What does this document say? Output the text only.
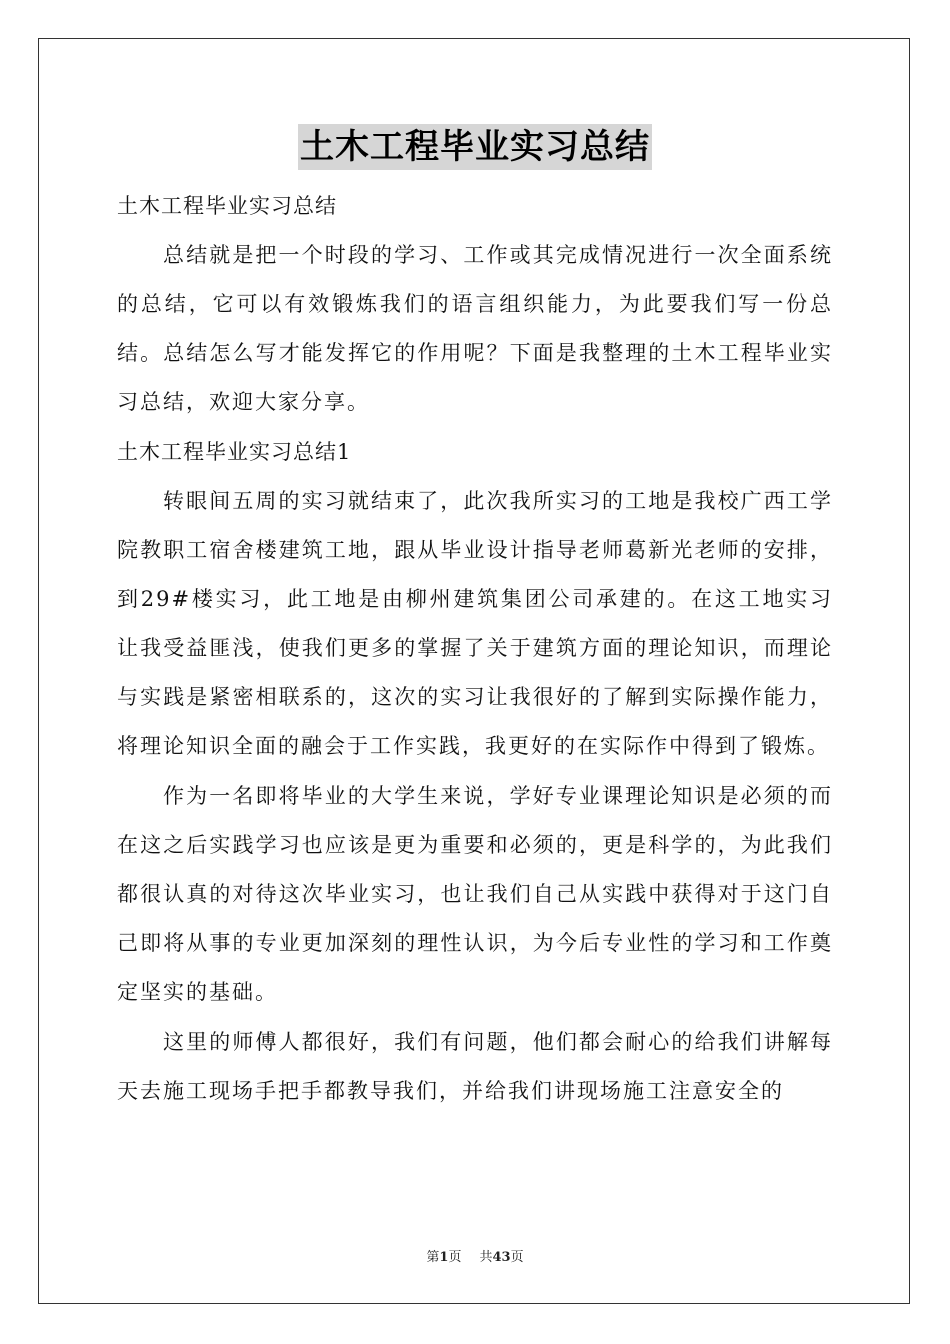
土木工程毕业实习总结

土木工程毕业实习总结

总结就是把一个时段的学习、工作或其完成情况进行一次全面系统的总结，它可以有效锻炼我们的语言组织能力，为此要我们写一份总结。总结怎么写才能发挥它的作用呢？下面是我整理的土木工程毕业实习总结，欢迎大家分享。

土木工程毕业实习总结1

转眼间五周的实习就结束了，此次我所实习的工地是我校广西工学院教职工宿舍楼建筑工地，跟从毕业设计指导老师葛新光老师的安排，到29#楼实习，此工地是由柳州建筑集团公司承建的。在这工地实习让我受益匪浅，使我们更多的掌握了关于建筑方面的理论知识，而理论与实践是紧密相联系的，这次的实习让我很好的了解到实际操作能力，将理论知识全面的融会于工作实践，我更好的在实际作中得到了锻炼。

作为一名即将毕业的大学生来说，学好专业课理论知识是必须的而在这之后实践学习也应该是更为重要和必须的，更是科学的，为此我们都很认真的对待这次毕业实习，也让我们自己从实践中获得对于这门自己即将从事的专业更加深刻的理性认识，为今后专业性的学习和工作奠定坚实的基础。

这里的师傅人都很好，我们有问题，他们都会耐心的给我们讲解每天去施工现场手把手都教导我们，并给我们讲现场施工注意安全的

第1页 共43页
